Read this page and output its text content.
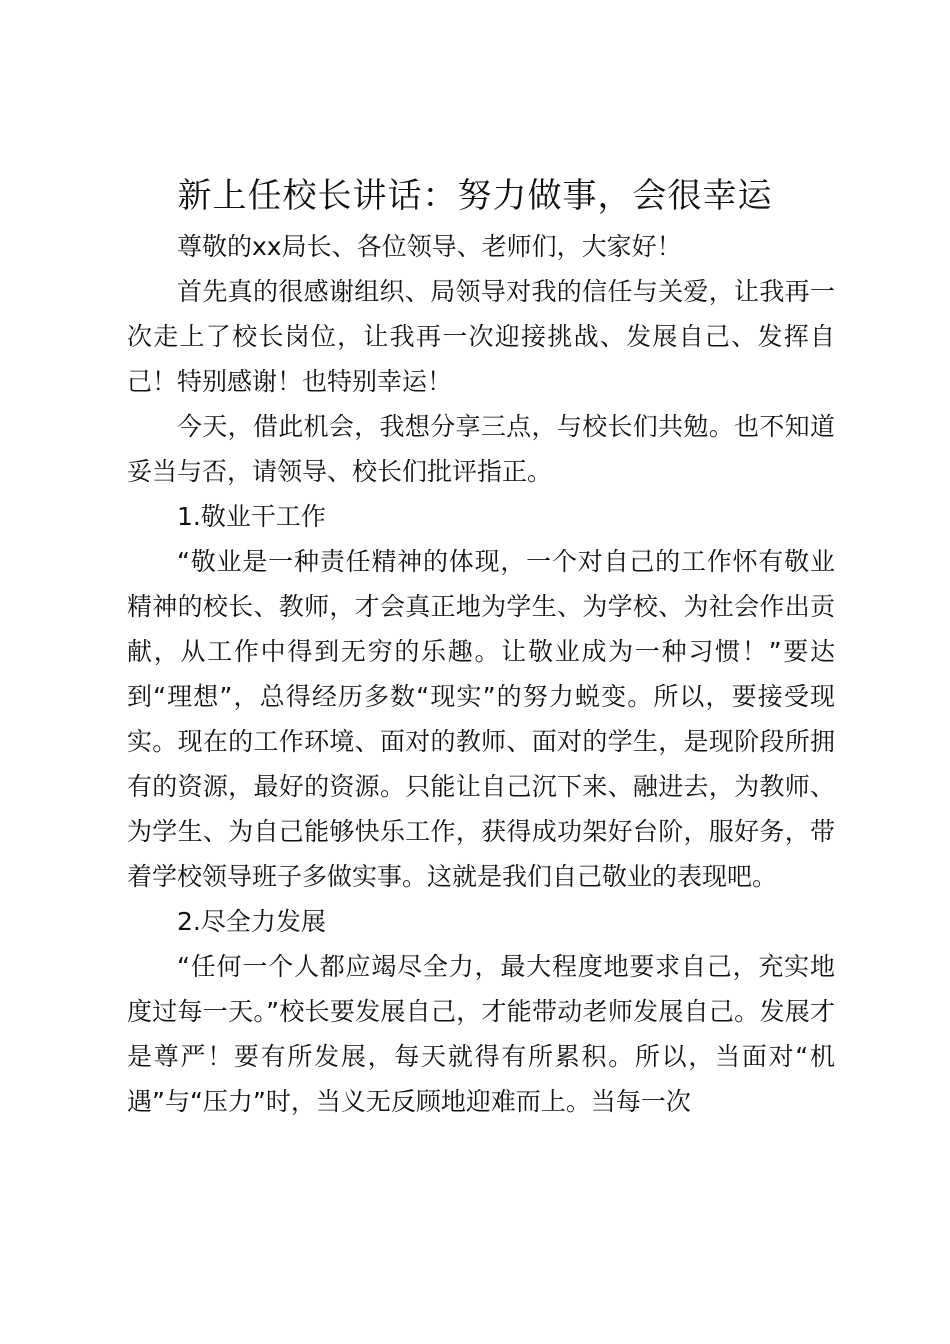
新上任校长讲话：努力做事，会很幸运

尊敬的xx局长、各位领导、老师们，大家好！

首先真的很感谢组织、局领导对我的信任与关爱，让我再一次走上了校长岗位，让我再一次迎接挑战、发展自己、发挥自己！特别感谢！也特别幸运！

今天，借此机会，我想分享三点，与校长们共勉。也不知道妥当与否，请领导、校长们批评指正。

1.敬业干工作

“敬业是一种责任精神的体现，一个对自己的工作怀有敬业精神的校长、教师，才会真正地为学生、为学校、为社会作出贡献，从工作中得到无穷的乐趣。让敬业成为一种习惯！”要达到“理想”，总得经历多数“现实”的努力蜕变。所以，要接受现实。现在的工作环境、面对的教师、面对的学生，是现阶段所拥有的资源，最好的资源。只能让自己沉下来、融进去，为教师、为学生、为自己能够快乐工作，获得成功架好台阶，服好务，带着学校领导班子多做实事。这就是我们自己敬业的表现吧。

2.尽全力发展

“任何一个人都应竭尽全力，最大程度地要求自己，充实地度过每一天。”校长要发展自己，才能带动老师发展自己。发展才是尊严！要有所发展，每天就得有所累积。所以，当面对“机遇”与“压力”时，当义无反顾地迎难而上。当每一次
